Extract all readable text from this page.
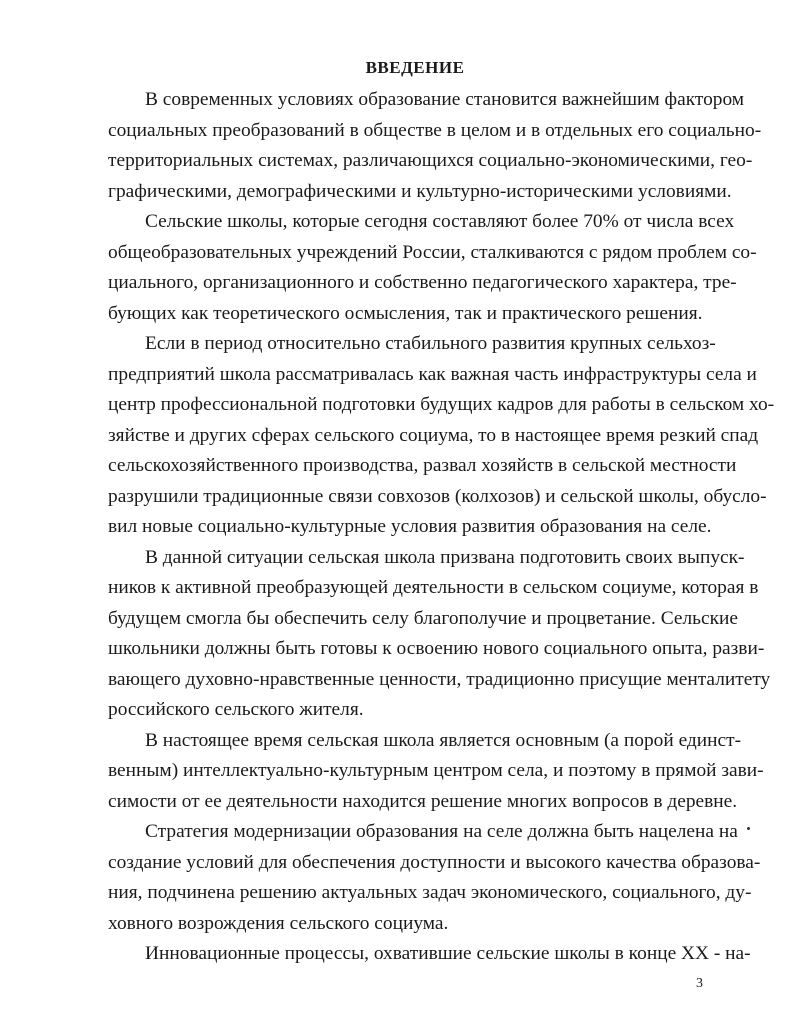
ВВЕДЕНИЕ
В современных условиях образование становится важнейшим фактором
социальных преобразований в обществе в целом и в отдельных его социально-
территориальных системах, различающихся социально-экономическими, гео-
графическими, демографическими и культурно-историческими условиями.
Сельские школы, которые сегодня составляют более 70% от числа всех
общеобразовательных учреждений России, сталкиваются с рядом проблем со-
циального, организационного и собственно педагогического характера, тре-
бующих как теоретического осмысления, так и практического решения.
Если в период относительно стабильного развития крупных сельхоз-
предприятий школа рассматривалась как важная часть инфраструктуры села и
центр профессиональной подготовки будущих кадров для работы в сельском хо-
зяйстве и других сферах сельского социума, то в настоящее время резкий спад
сельскохозяйственного производства, развал хозяйств в сельской местности
разрушили традиционные связи совхозов (колхозов) и сельской школы, обусло-
вил новые социально-культурные условия развития образования на селе.
В данной ситуации сельская школа призвана подготовить своих выпуск-
ников к активной преобразующей деятельности в сельском социуме, которая в
будущем смогла бы обеспечить селу благополучие и процветание. Сельские
школьники должны быть готовы к освоению нового социального опыта, разви-
вающего духовно-нравственные ценности, традиционно присущие менталитету
российского сельского жителя.
В настоящее время сельская школа является основным (а порой единст-
венным) интеллектуально-культурным центром села, и поэтому в прямой зави-
симости от ее деятельности находится решение многих вопросов в деревне.
Стратегия модернизации образования на селе должна быть нацелена на
создание условий для обеспечения доступности и высокого качества образова-
ния, подчинена решению актуальных задач экономического, социального, ду-
ховного возрождения сельского социума.
Инновационные процессы, охватившие сельские школы в конце ХХ - на-
3
